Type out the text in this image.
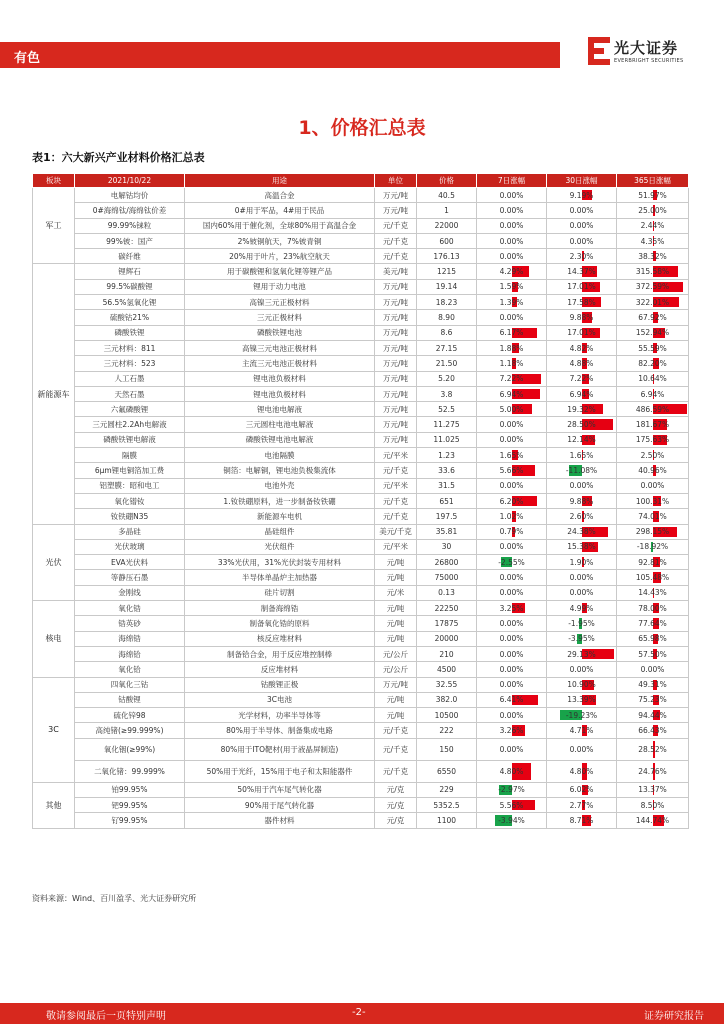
有色
光大证券
EVERBRIGHT SECURITIES
1、价格汇总表
表1：六大新兴产业材料价格汇总表
板块	2021/10/22	用途	单位	价格	7日涨幅	30日涨幅	365日涨幅
军工	电解钴均价	高温合金	万元/吨	40.5	0.00%	9.19%	51.97%
	0#海绵钛/海绵钛价差	0#用于军品，4#用于民品	万元/吨	1	0.00%	0.00%	25.00%
	99.99%铼粒	国内60%用于催化剂，全球80%用于高温合金	元/千克	22000	0.00%	0.00%	2.44%
	99%铍：国产	2%铍铜航天，7%铍青铜	元/千克	600	0.00%	0.00%	4.35%
	碳纤维	20%用于叶片，23%航空航天	元/千克	176.13	0.00%	2.30%	38.32%
新能源车	锂辉石	用于碳酸锂和氢氧化锂等锂产品	美元/吨	1215	4.29%	14.37%	315.58%
	99.5%碳酸锂	锂用于动力电池	万元/吨	19.14	1.59%	17.01%	372.59%
	56.5%氢氧化锂	高镍三元正极材料	万元/吨	18.23	1.39%	17.58%	322.01%
	硫酸钴21%	三元正极材料	万元/吨	8.90	0.00%	9.88%	67.92%
	磷酸铁锂	磷酸铁锂电池	万元/吨	8.6	6.17%	17.01%	152.94%
	三元材料：811	高镍三元电池正极材料	万元/吨	27.15	1.88%	4.82%	55.59%
	三元材料：523	主流三元电池正极材料	万元/吨	21.50	1.18%	4.88%	82.20%
	人工石墨	锂电池负极材料	万元/吨	5.20	7.22%	7.22%	10.64%
	天然石墨	锂电池负极材料	万元/吨	3.8	6.94%	6.94%	6.94%
	六氟磷酸锂	锂电池电解液	万元/吨	52.5	5.00%	19.32%	486.59%
	三元圆柱2.2Ah电解液	三元圆柱电池电解液	万元/吨	11.275	0.00%	28.50%	181.67%
	磷酸铁锂电解液	磷酸铁锂电池电解液	万元/吨	11.025	0.00%	12.14%	175.63%
	隔膜	电池隔膜	元/平米	1.23	1.65%	1.65%	2.50%
	6μm锂电铜箔加工费	铜箔：电解铜，锂电池负极集流体	元/千克	33.6	5.66%	-11.08%	40.96%
	铝塑膜：昭和电工	电池外壳	元/平米	31.5	0.00%	0.00%	0.00%
	氧化镨钕	1.钕铁硼原料，进一步制备钕铁硼	元/千克	651	6.20%	9.88%	100.31%
	钕铁硼N35	新能源车电机	元/千克	197.5	1.02%	2.60%	74.01%
光伏	多晶硅	晶硅组件	美元/千克	35.81	0.79%	24.38%	298.15%
	光伏玻璃	光伏组件	元/平米	30	0.00%	15.38%	-18.92%
	EVA光伏料	33%光伏用，31%光伏封装专用材料	元/吨	26800	-2.55%	1.90%	92.81%
	等静压石墨	半导体单晶炉主加热器	元/吨	75000	0.00%	0.00%	105.48%
	金刚线	硅片切割	元/米	0.13	0.00%	0.00%	14.43%
核电	氧化锆	制备海绵锆	元/吨	22250	3.25%	4.99%	78.00%
	锆英砂	制备氧化锆的原料	元/吨	17875	0.00%	-1.95%	77.64%
	海绵锆	核反应堆材料	元/吨	20000	0.00%	-3.95%	65.98%
	海绵铪	制备铪合金，用于反应堆控制棒	元/公斤	210	0.00%	29.13%	57.50%
	氧化铪	反应堆材料	元/公斤	4500	0.00%	0.00%	0.00%
3C	四氧化三钴	钴酸锂正极	万元/吨	32.55	0.00%	10.90%	49.31%
	钴酸锂	3C电池	元/吨	382.0	6.41%	13.39%	75.23%
	硫化锌98	光学材料，功率半导体等	元/吨	10500	0.00%	-19.23%	94.44%
	高纯锗(≥99.999%)	80%用于半导体、制备集成电路	元/千克	222	3.26%	4.71%	66.43%
	氧化铟(≥99%)	80%用于ITO靶材(用于液晶屏制造)	元/千克	150	0.00%	0.00%	28.52%
	二氧化锗：99.999%	50%用于光纤，15%用于电子和太阳能器件	元/千克	6550	4.80%	4.80%	24.76%
其他	铂99.95%	50%用于汽车尾气转化器	元/克	229	-2.97%	6.02%	13.37%
	钯99.95%	90%用于尾气转化器	元/克	5352.5	5.56%	2.77%	8.50%
	钌99.95%	器件材料	元/克	1100	-3.94%	8.71%	144.74%
资料来源：Wind、百川盈孚、光大证券研究所
敬请参阅最后一页特别声明	-2-	证券研究报告
